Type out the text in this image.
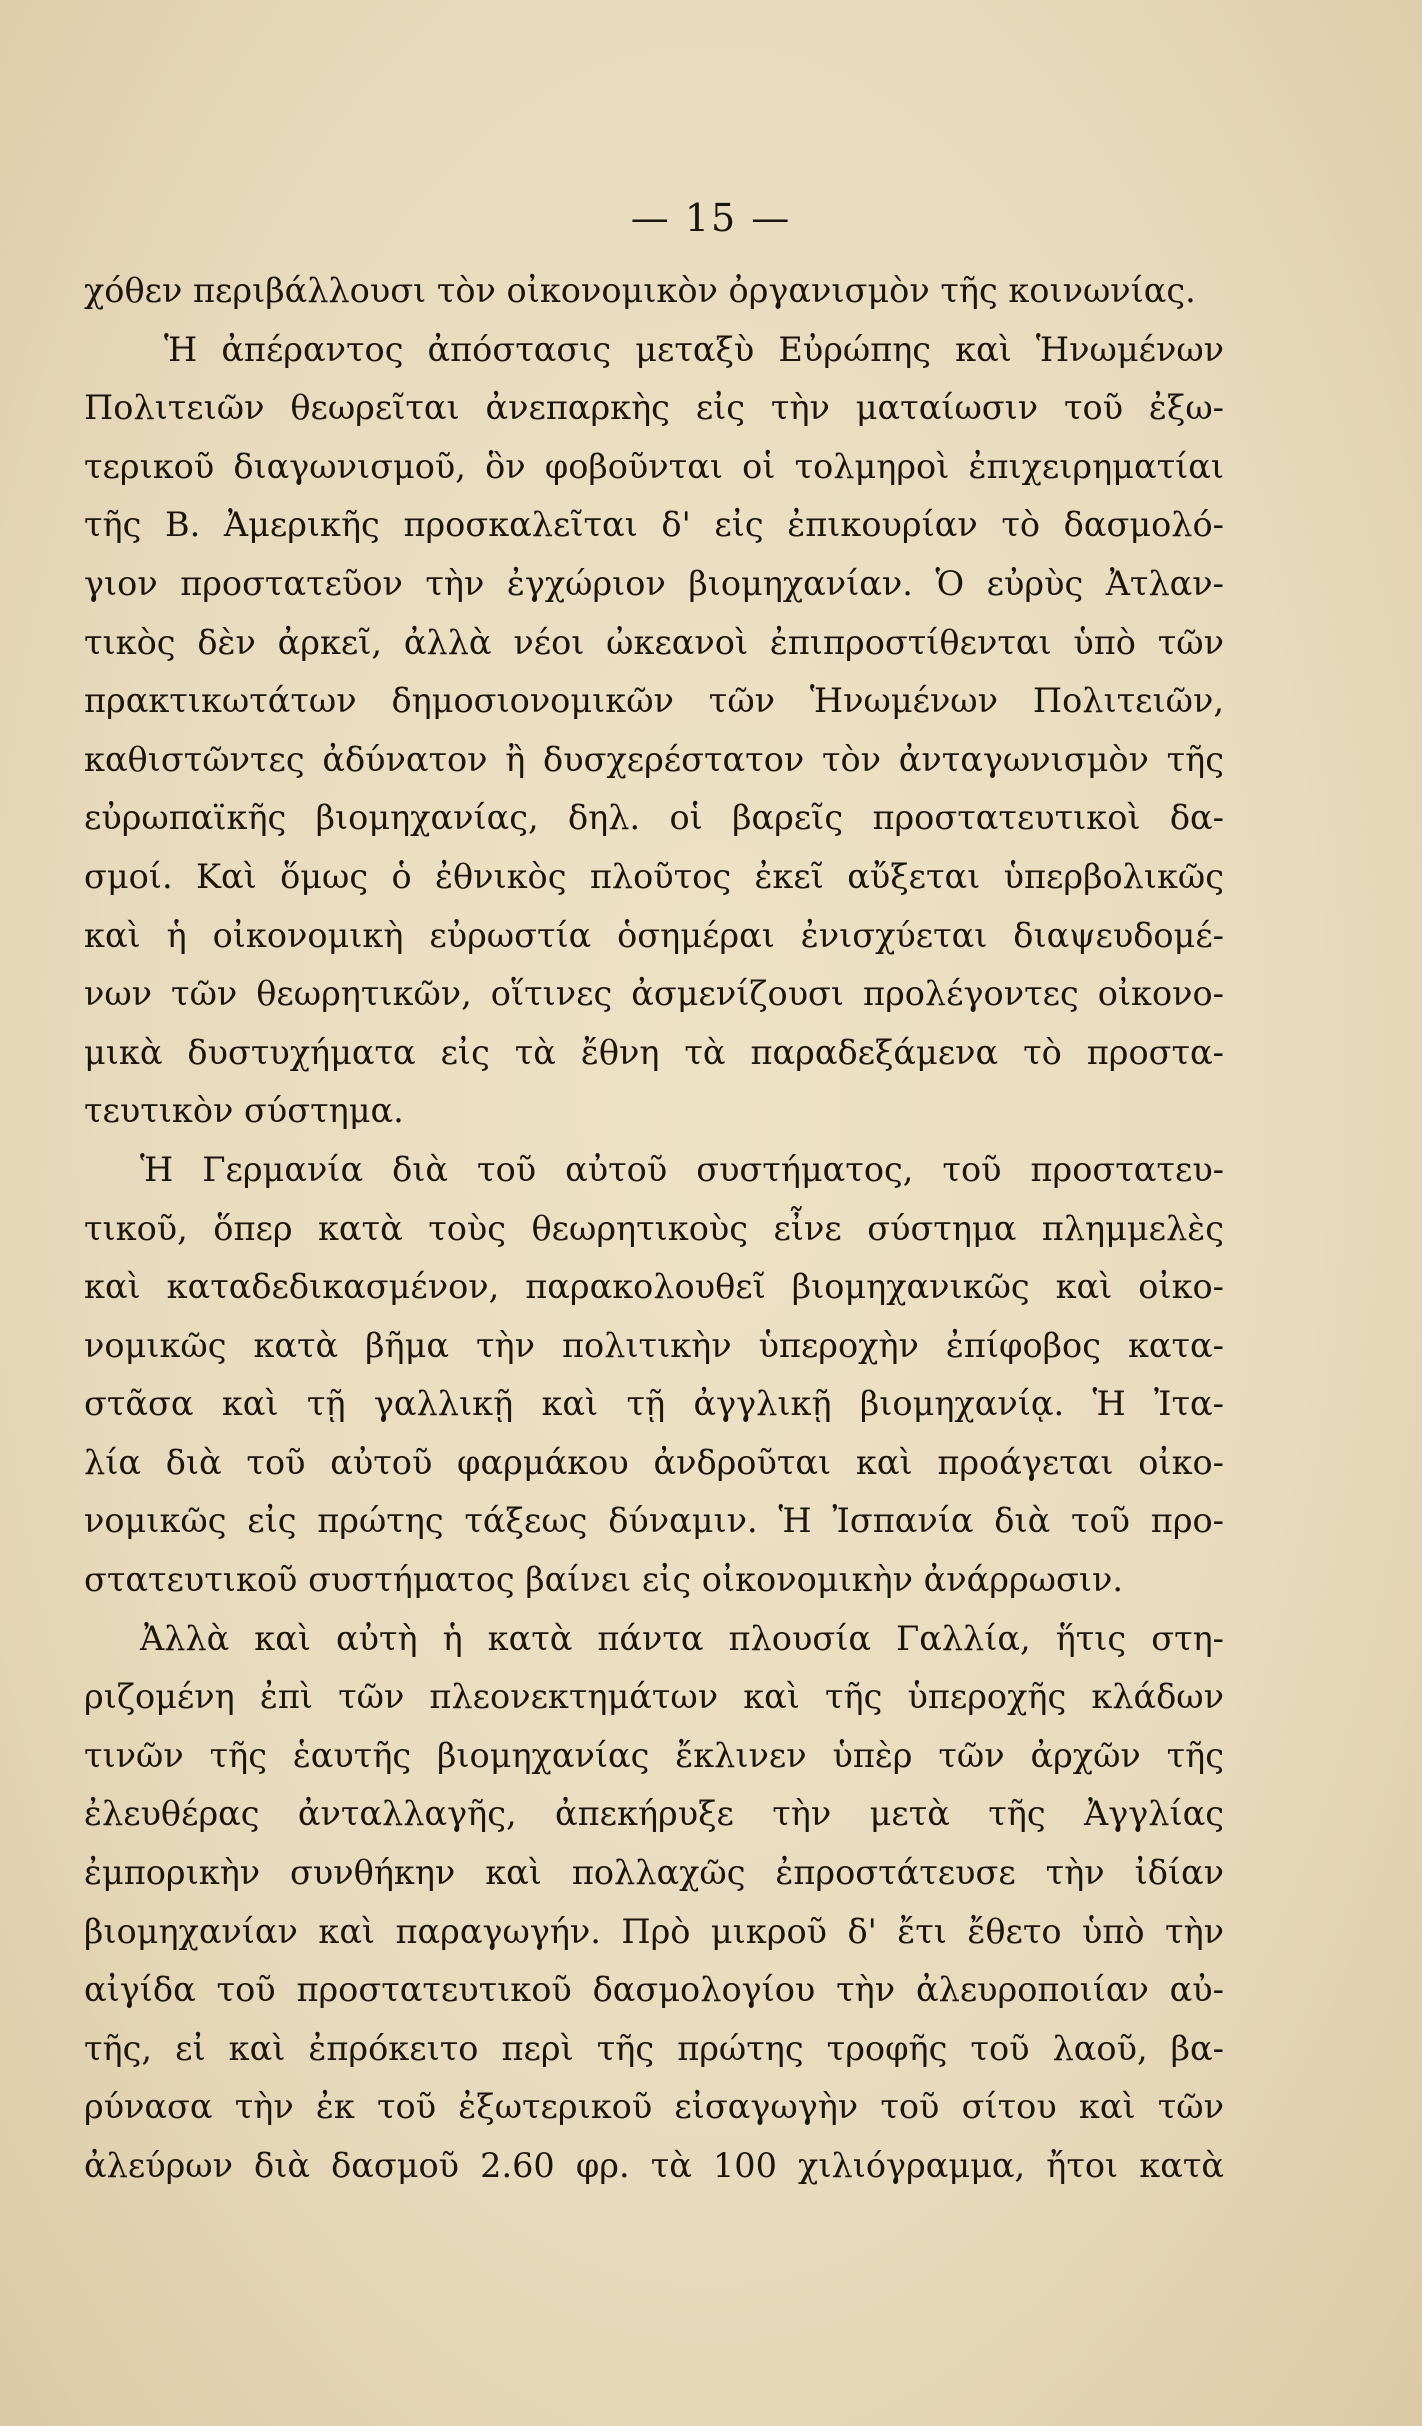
— 15 —
χόθεν περιβάλλουσι τὸν οἰκονομικὸν ὀργανισμὸν τῆς κοινωνίας.
Ἡ ἀπέραντος ἀπόστασις μεταξὺ Εὐρώπης καὶ Ἡνωμένων
Πολιτειῶν θεωρεῖται ἀνεπαρκὴς εἰς τὴν ματαίωσιν τοῦ ἐξω-
τερικοῦ διαγωνισμοῦ, ὃν φοβοῦνται οἱ τολμηροὶ ἐπιχειρηματίαι
τῆς Β. Ἀμερικῆς προσκαλεῖται δ' εἰς ἐπικουρίαν τὸ δασμολό-
γιον προστατεῦον τὴν ἐγχώριον βιομηχανίαν. Ὁ εὐρὺς Ἀτλαν-
τικὸς δὲν ἀρκεῖ, ἀλλὰ νέοι ὠκεανοὶ ἐπιπροστίθενται ὑπὸ τῶν
πρακτικωτάτων δημοσιονομικῶν τῶν Ἡνωμένων Πολιτειῶν,
καθιστῶντες ἀδύνατον ἢ δυσχερέστατον τὸν ἀνταγωνισμὸν τῆς
εὐρωπαϊκῆς βιομηχανίας, δηλ. οἱ βαρεῖς προστατευτικοὶ δα-
σμοί. Καὶ ὅμως ὁ ἐθνικὸς πλοῦτος ἐκεῖ αὔξεται ὑπερβολικῶς
καὶ ἡ οἰκονομικὴ εὐρωστία ὁσημέραι ἐνισχύεται διαψευδομέ-
νων τῶν θεωρητικῶν, οἵτινες ἀσμενίζουσι προλέγοντες οἰκονο-
μικὰ δυστυχήματα εἰς τὰ ἔθνη τὰ παραδεξάμενα τὸ προστα-
τευτικὸν σύστημα.
Ἡ Γερμανία διὰ τοῦ αὐτοῦ συστήματος, τοῦ προστατευ-
τικοῦ, ὅπερ κατὰ τοὺς θεωρητικοὺς εἶνε σύστημα πλημμελὲς
καὶ καταδεδικασμένον, παρακολουθεῖ βιομηχανικῶς καὶ οἰκο-
νομικῶς κατὰ βῆμα τὴν πολιτικὴν ὑπεροχὴν ἐπίφοβος κατα-
στᾶσα καὶ τῇ γαλλικῇ καὶ τῇ ἀγγλικῇ βιομηχανίᾳ. Ἡ Ἰτα-
λία διὰ τοῦ αὐτοῦ φαρμάκου ἀνδροῦται καὶ προάγεται οἰκο-
νομικῶς εἰς πρώτης τάξεως δύναμιν. Ἡ Ἰσπανία διὰ τοῦ προ-
στατευτικοῦ συστήματος βαίνει εἰς οἰκονομικὴν ἀνάρρωσιν.
Ἀλλὰ καὶ αὐτὴ ἡ κατὰ πάντα πλουσία Γαλλία, ἥτις στη-
ριζομένη ἐπὶ τῶν πλεονεκτημάτων καὶ τῆς ὑπεροχῆς κλάδων
τινῶν τῆς ἑαυτῆς βιομηχανίας ἔκλινεν ὑπὲρ τῶν ἀρχῶν τῆς
ἐλευθέρας ἀνταλλαγῆς, ἀπεκήρυξε τὴν μετὰ τῆς Ἀγγλίας
ἐμπορικὴν συνθήκην καὶ πολλαχῶς ἐπροστάτευσε τὴν ἰδίαν
βιομηχανίαν καὶ παραγωγήν. Πρὸ μικροῦ δ' ἔτι ἔθετο ὑπὸ τὴν
αἰγίδα τοῦ προστατευτικοῦ δασμολογίου τὴν ἀλευροποιίαν αὐ-
τῆς, εἰ καὶ ἐπρόκειτο περὶ τῆς πρώτης τροφῆς τοῦ λαοῦ, βα-
ρύνασα τὴν ἐκ τοῦ ἐξωτερικοῦ εἰσαγωγὴν τοῦ σίτου καὶ τῶν
ἀλεύρων διὰ δασμοῦ 2.60 φρ. τὰ 100 χιλιόγραμμα, ἤτοι κατὰ
